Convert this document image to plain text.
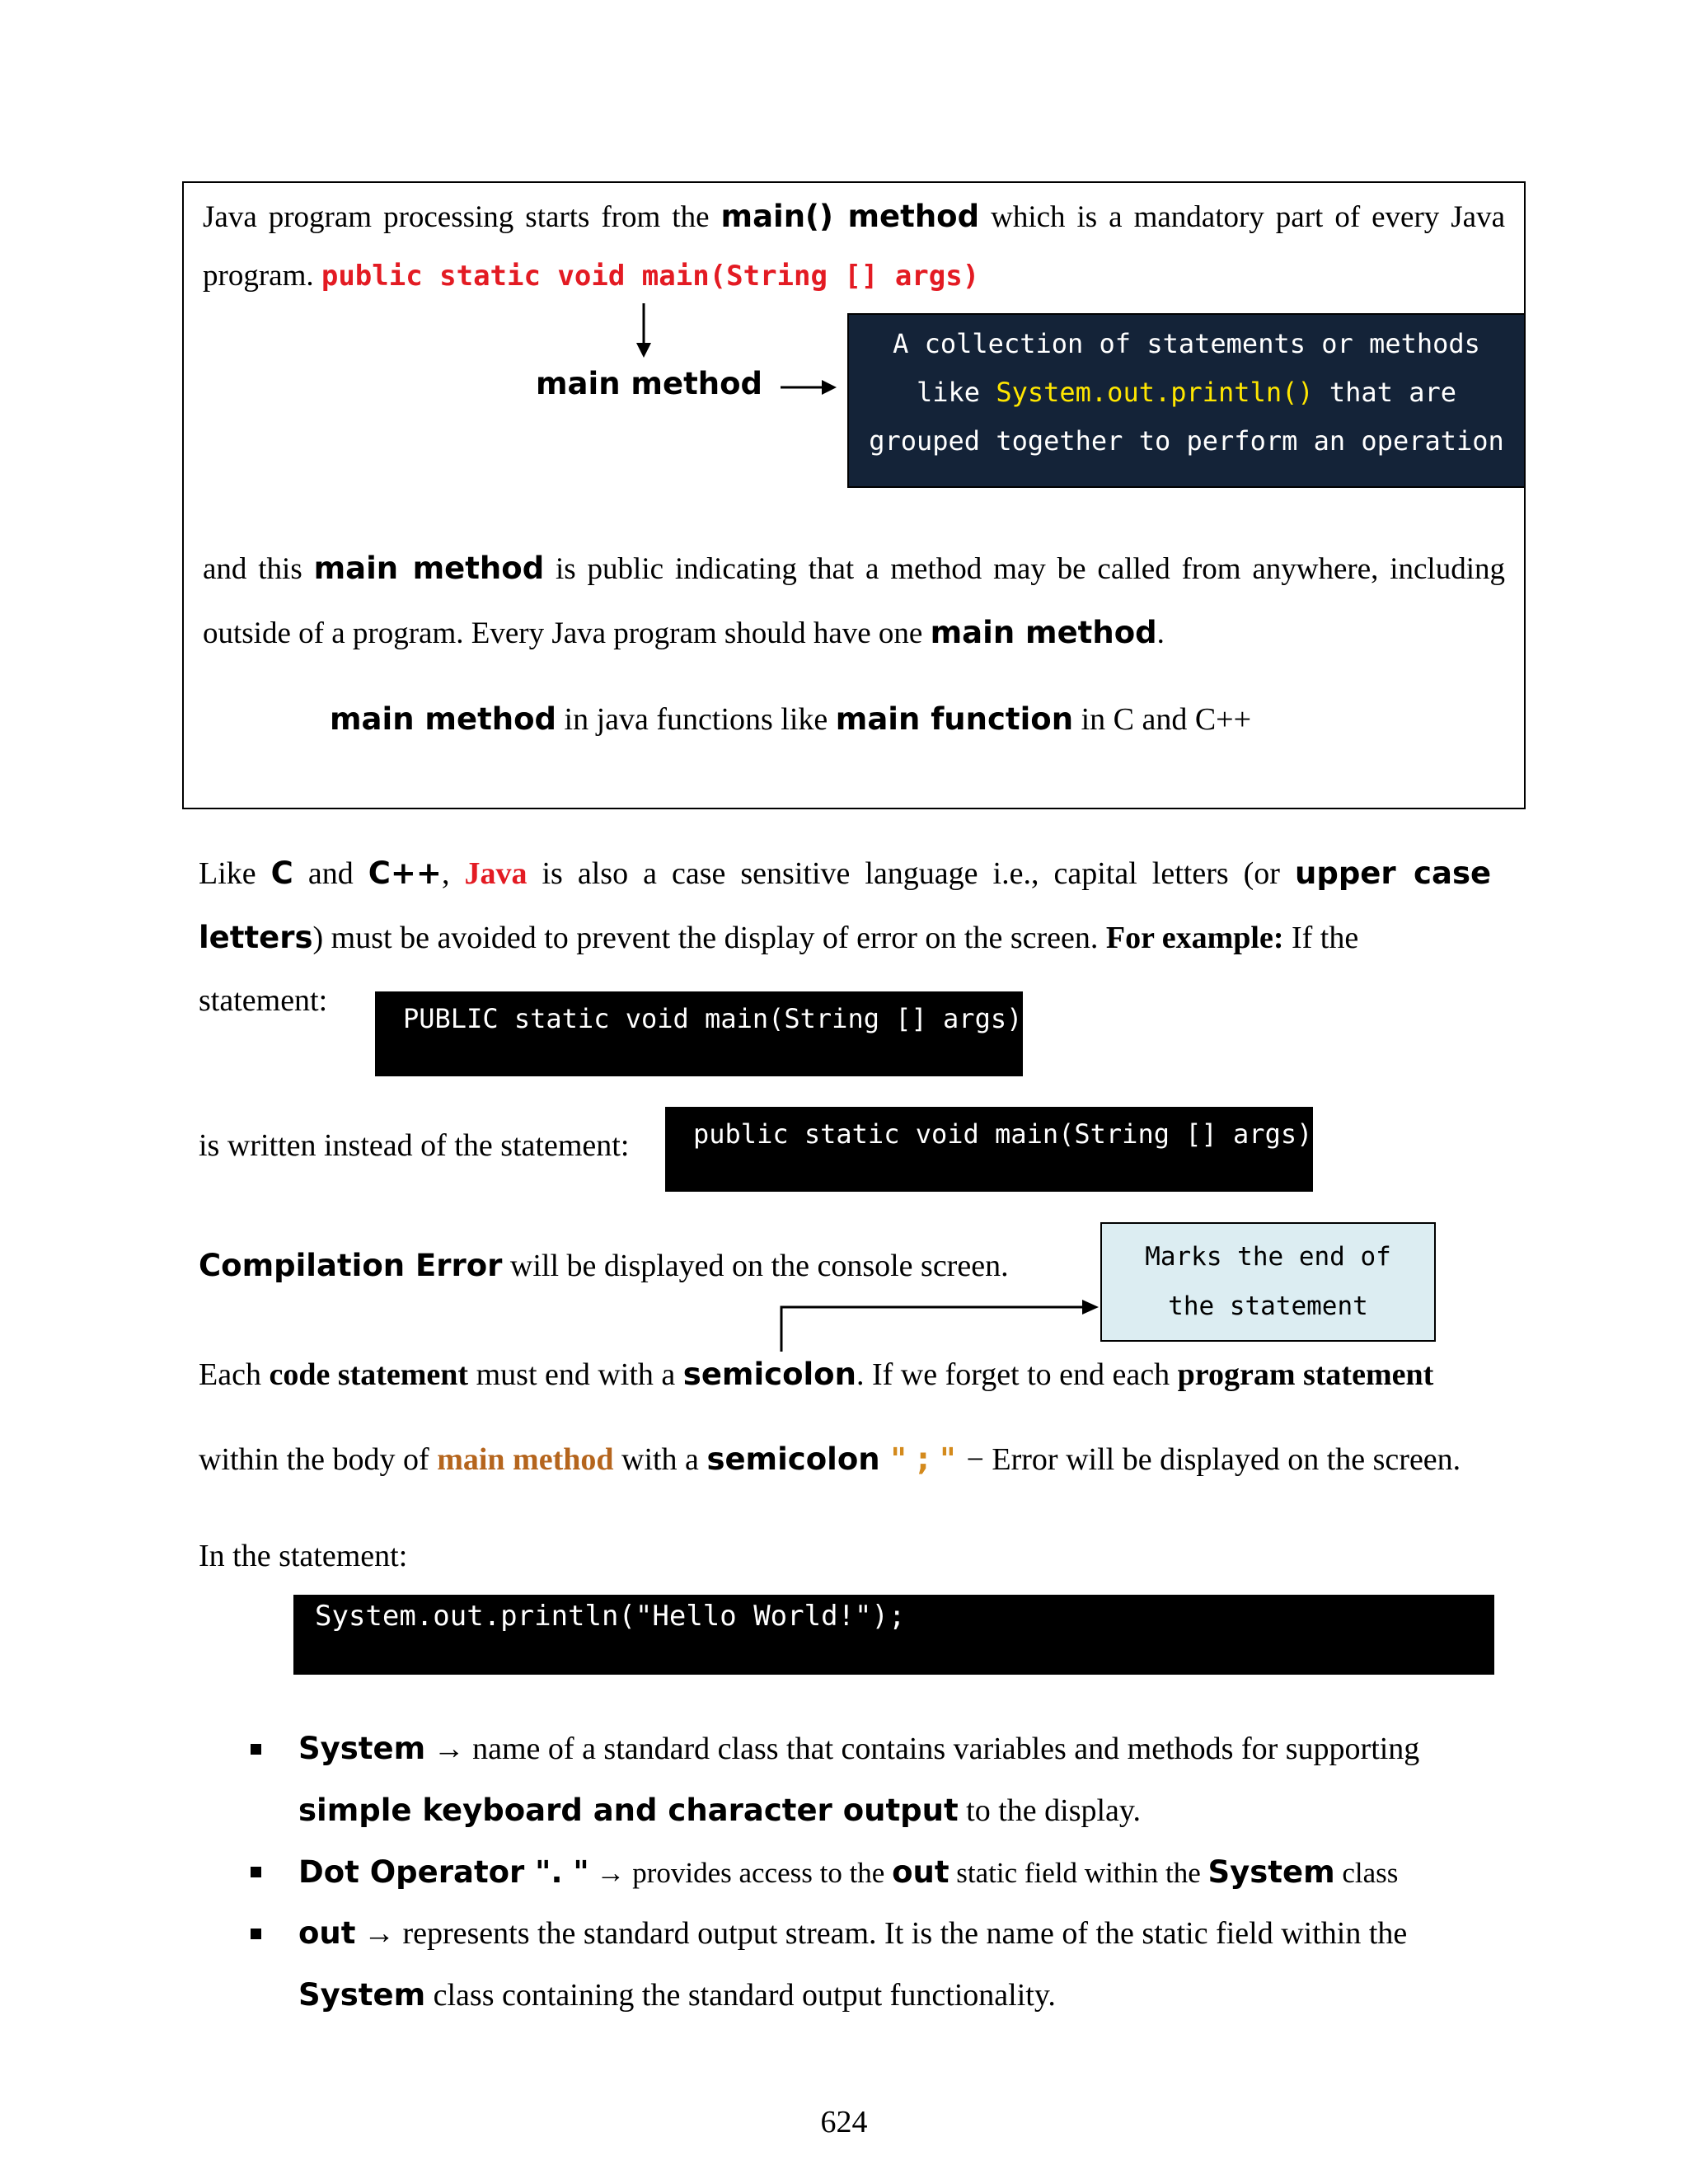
Java program processing starts from the main() method which is a mandatory part of every Java
program. public static void main(String [] args)
main method
A collection of statements or methods
like System.out.println() that are
grouped together to perform an operation
and this main method is public indicating that a method may be called from anywhere, including
outside of a program. Every Java program should have one main method.
main method in java functions like main function in C and C++
Like C and C++, Java is also a case sensitive language i.e., capital letters (or upper case
letters) must be avoided to prevent the display of error on the screen. For example: If the
statement:
PUBLIC static void main(String [] args)
is written instead of the statement:	public static void main(String [] args)
Compilation Error will be displayed on the console screen.	Marks the end of
the statement
Each code statement must end with a semicolon. If we forget to end each program statement
within the body of main method with a semicolon " ; " − Error will be displayed on the screen.
In the statement:
System.out.println("Hello World!");
System → name of a standard class that contains variables and methods for supporting
simple keyboard and character output to the display.
Dot Operator ". " → provides access to the out static field within the System class
out → represents the standard output stream. It is the name of the static field within the
System class containing the standard output functionality.
624
